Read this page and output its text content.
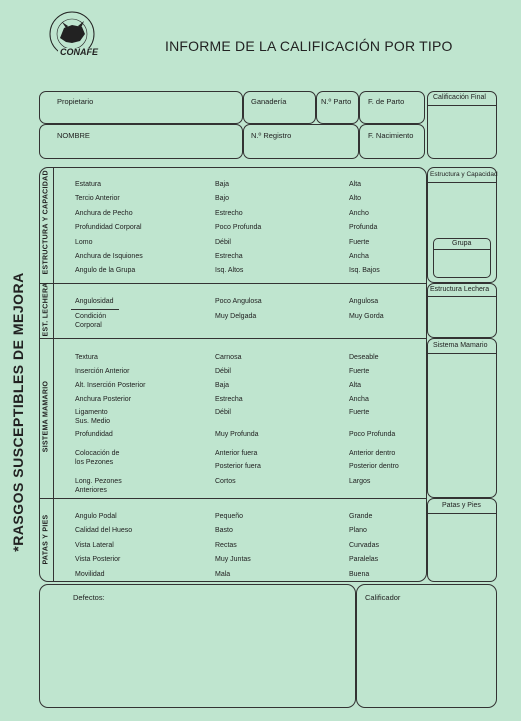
CONAFE	INFORME DE LA CALIFICACIÓN POR TIPO
*RASGOS SUSCEPTIBLES DE MEJORA
Propietario	Ganadería	N.º Parto F. de Parto
NOMBRE	N.º Registro	F. Nacimiento
Calificación Final
ESTRUCTURA Y CAPACIDAD
EST. LECHERA
SISTEMA MAMARIO
PATAS Y PIES
Estructura y Capacidad
Grupa
Estructura Lechera
Sistema Mamario
Patas y Pies
Defectos:	Calificador
Estatura	Baja	Alta
Tercio Anterior	Bajo	Alto
Anchura de Pecho	Estrecho	Ancho
Profundidad Corporal	Poco Profunda	Profunda
Lomo	Débil	Fuerte
Anchura de Isquiones	Estrecha	Ancha
Angulo de la Grupa	Isq. Altos	Isq. Bajos
Angulosidad	Poco Angulosa	Angulosa
Condición
Corporal
Muy Delgada	Muy Gorda
Textura	Carnosa	Deseable
Inserción Anterior	Débil	Fuerte
Alt. Inserción Posterior	Baja	Alta
Anchura Posterior	Estrecha	Ancha
Ligamento
Sus. Medio
Débil	Fuerte
Profundidad	Muy Profunda	Poco Profunda
Colocación de
los Pezones
Anterior fuera	Anterior dentro
Posterior fuera	Posterior dentro
Long. Pezones
Anteriores
Cortos	Largos
Angulo Podal	Pequeño	Grande
Calidad del Hueso	Basto	Plano
Vista Lateral	Rectas	Curvadas
Vista Posterior	Muy Juntas	Paralelas
Movilidad	Mala	Buena
